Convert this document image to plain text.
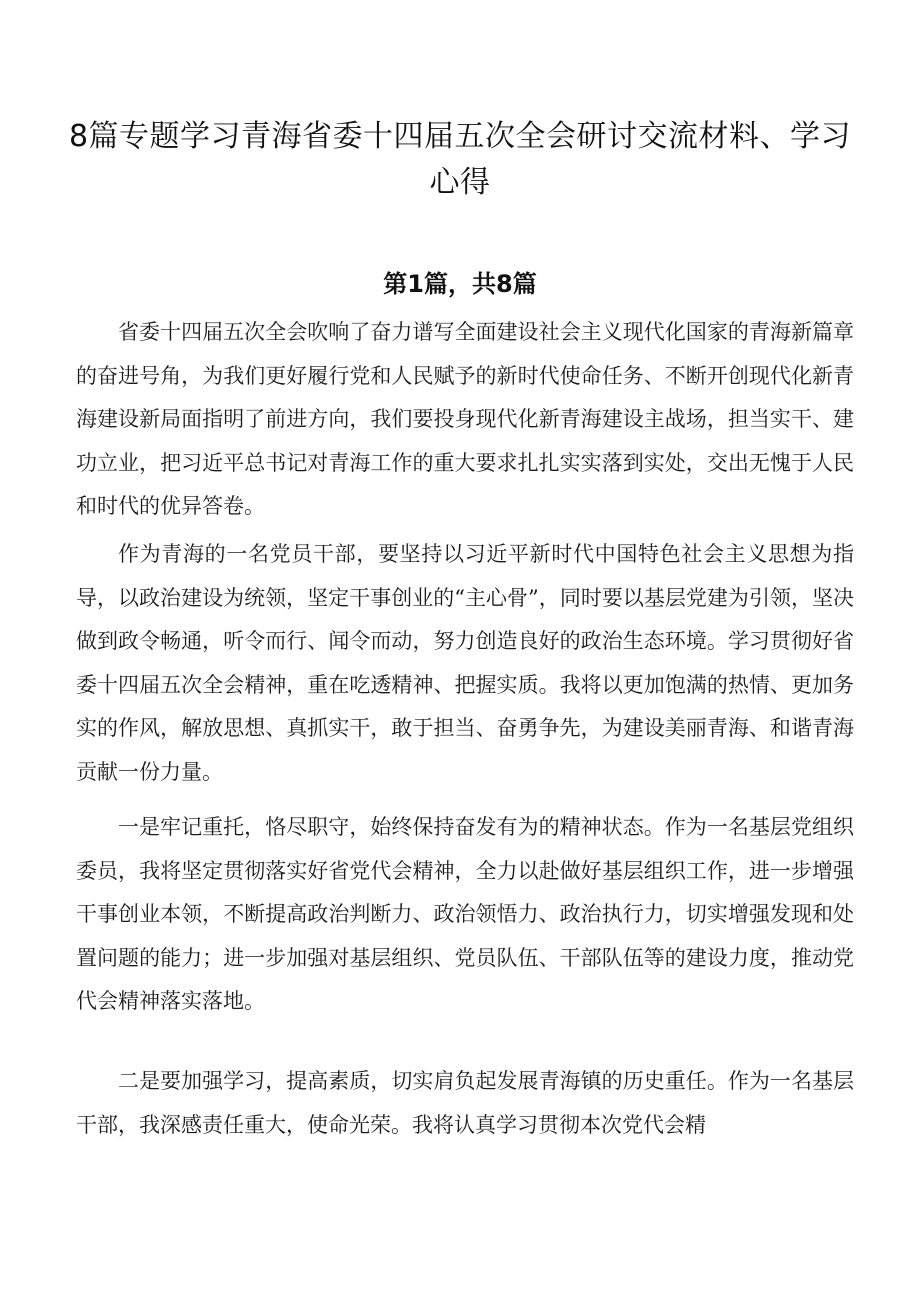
8篇专题学习青海省委十四届五次全会研讨交流材料、学习心得
第1篇，共8篇

省委十四届五次全会吹响了奋力谱写全面建设社会主义现代化国家的青海新篇章的奋进号角，为我们更好履行党和人民赋予的新时代使命任务、不断开创现代化新青海建设新局面指明了前进方向，我们要投身现代化新青海建设主战场，担当实干、建功立业，把习近平总书记对青海工作的重大要求扎扎实实落到实处，交出无愧于人民和时代的优异答卷。

作为青海的一名党员干部，要坚持以习近平新时代中国特色社会主义思想为指导，以政治建设为统领，坚定干事创业的“主心骨”，同时要以基层党建为引领，坚决做到政令畅通，听令而行、闻令而动，努力创造良好的政治生态环境。学习贯彻好省委十四届五次全会精神，重在吃透精神、把握实质。我将以更加饱满的热情、更加务实的作风，解放思想、真抓实干，敢于担当、奋勇争先，为建设美丽青海、和谐青海贡献一份力量。

一是牢记重托，恪尽职守，始终保持奋发有为的精神状态。作为一名基层党组织委员，我将坚定贯彻落实好省党代会精神，全力以赴做好基层组织工作，进一步增强干事创业本领，不断提高政治判断力、政治领悟力、政治执行力，切实增强发现和处置问题的能力；进一步加强对基层组织、党员队伍、干部队伍等的建设力度，推动党代会精神落实落地。

二是要加强学习，提高素质，切实肩负起发展青海镇的历史重任。作为一名基层干部，我深感责任重大，使命光荣。我将认真学习贯彻本次党代会精
